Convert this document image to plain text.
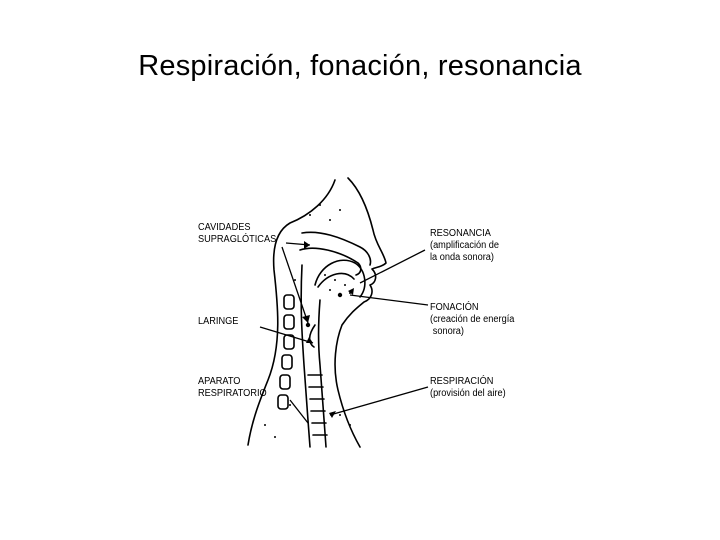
Respiración, fonación, resonancia
CAVIDADES
SUPRAGLÓTICAS
LARINGE
APARATO
RESPIRATORIO
RESONANCIA
(amplificación de
la onda sonora)
FONACIÓN
(creación de energía
sonora)
RESPIRACIÓN
(provisión del aire)
